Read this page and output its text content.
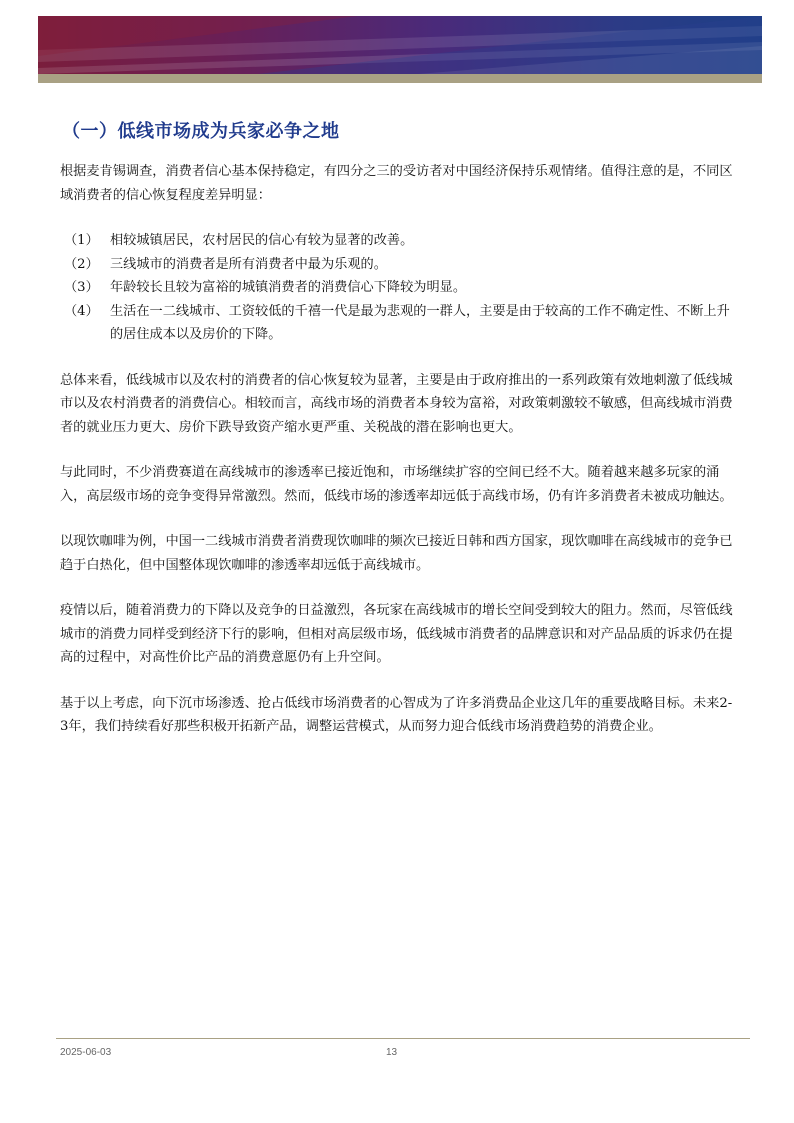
（一）低线市场成为兵家必争之地

根据麦肯锡调查，消费者信心基本保持稳定，有四分之三的受访者对中国经济保持乐观情绪。值得注意的是，不同区域消费者的信心恢复程度差异明显：

（1） 相较城镇居民，农村居民的信心有较为显著的改善。
（2） 三线城市的消费者是所有消费者中最为乐观的。
（3） 年龄较长且较为富裕的城镇消费者的消费信心下降较为明显。
（4） 生活在一二线城市、工资较低的千禧一代是最为悲观的一群人，主要是由于较高的工作不确定性、不断上升的居住成本以及房价的下降。

总体来看，低线城市以及农村的消费者的信心恢复较为显著，主要是由于政府推出的一系列政策有效地刺激了低线城市以及农村消费者的消费信心。相较而言，高线市场的消费者本身较为富裕，对政策刺激较不敏感，但高线城市消费者的就业压力更大、房价下跌导致资产缩水更严重、关税战的潜在影响也更大。

与此同时，不少消费赛道在高线城市的渗透率已接近饱和，市场继续扩容的空间已经不大。随着越来越多玩家的涌入，高层级市场的竞争变得异常激烈。然而，低线市场的渗透率却远低于高线市场，仍有许多消费者未被成功触达。

以现饮咖啡为例，中国一二线城市消费者消费现饮咖啡的频次已接近日韩和西方国家，现饮咖啡在高线城市的竞争已趋于白热化，但中国整体现饮咖啡的渗透率却远低于高线城市。

疫情以后，随着消费力的下降以及竞争的日益激烈，各玩家在高线城市的增长空间受到较大的阻力。然而，尽管低线城市的消费力同样受到经济下行的影响，但相对高层级市场，低线城市消费者的品牌意识和对产品品质的诉求仍在提高的过程中，对高性价比产品的消费意愿仍有上升空间。

基于以上考虑，向下沉市场渗透、抢占低线市场消费者的心智成为了许多消费品企业这几年的重要战略目标。未来2-3年，我们持续看好那些积极开拓新产品，调整运营模式，从而努力迎合低线市场消费趋势的消费企业。

2025-06-03	13
